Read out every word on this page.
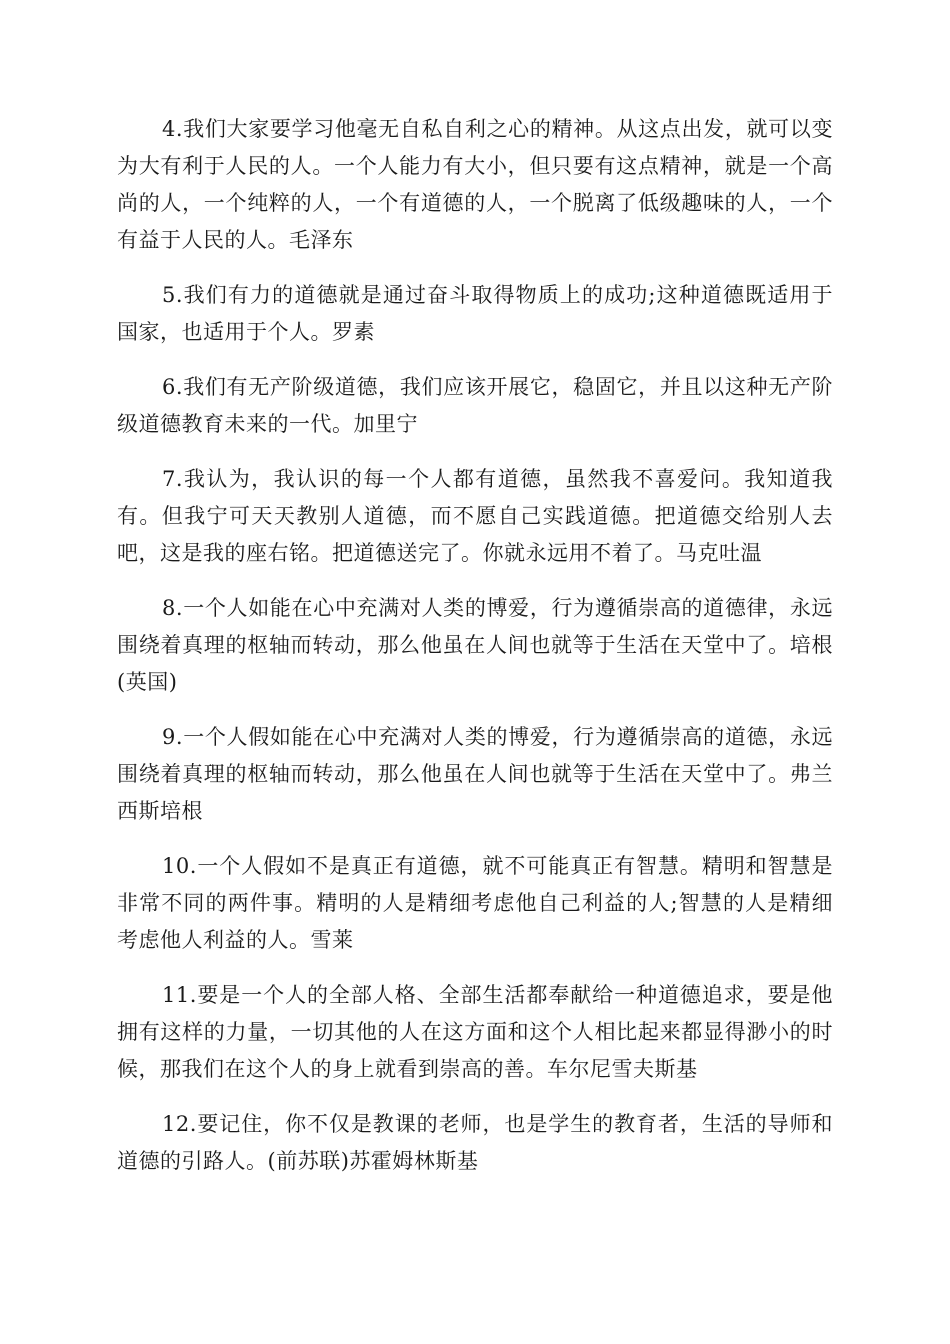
4.我们大家要学习他毫无自私自利之心的精神。从这点出发，就可以变为大有利于人民的人。一个人能力有大小，但只要有这点精神，就是一个高尚的人，一个纯粹的人，一个有道德的人，一个脱离了低级趣味的人，一个有益于人民的人。毛泽东

5.我们有力的道德就是通过奋斗取得物质上的成功;这种道德既适用于国家，也适用于个人。罗素

6.我们有无产阶级道德，我们应该开展它，稳固它，并且以这种无产阶级道德教育未来的一代。加里宁

7.我认为，我认识的每一个人都有道德，虽然我不喜爱问。我知道我有。但我宁可天天教别人道德，而不愿自己实践道德。把道德交给别人去吧，这是我的座右铭。把道德送完了。你就永远用不着了。马克吐温

8.一个人如能在心中充满对人类的博爱，行为遵循崇高的道德律，永远围绕着真理的枢轴而转动，那么他虽在人间也就等于生活在天堂中了。培根(英国)

9.一个人假如能在心中充满对人类的博爱，行为遵循崇高的道德，永远围绕着真理的枢轴而转动，那么他虽在人间也就等于生活在天堂中了。弗兰西斯培根

10.一个人假如不是真正有道德，就不可能真正有智慧。精明和智慧是非常不同的两件事。精明的人是精细考虑他自己利益的人;智慧的人是精细考虑他人利益的人。雪莱

11.要是一个人的全部人格、全部生活都奉献给一种道德追求，要是他拥有这样的力量，一切其他的人在这方面和这个人相比起来都显得渺小的时候，那我们在这个人的身上就看到崇高的善。车尔尼雪夫斯基

12.要记住，你不仅是教课的老师，也是学生的教育者，生活的导师和道德的引路人。(前苏联)苏霍姆林斯基
